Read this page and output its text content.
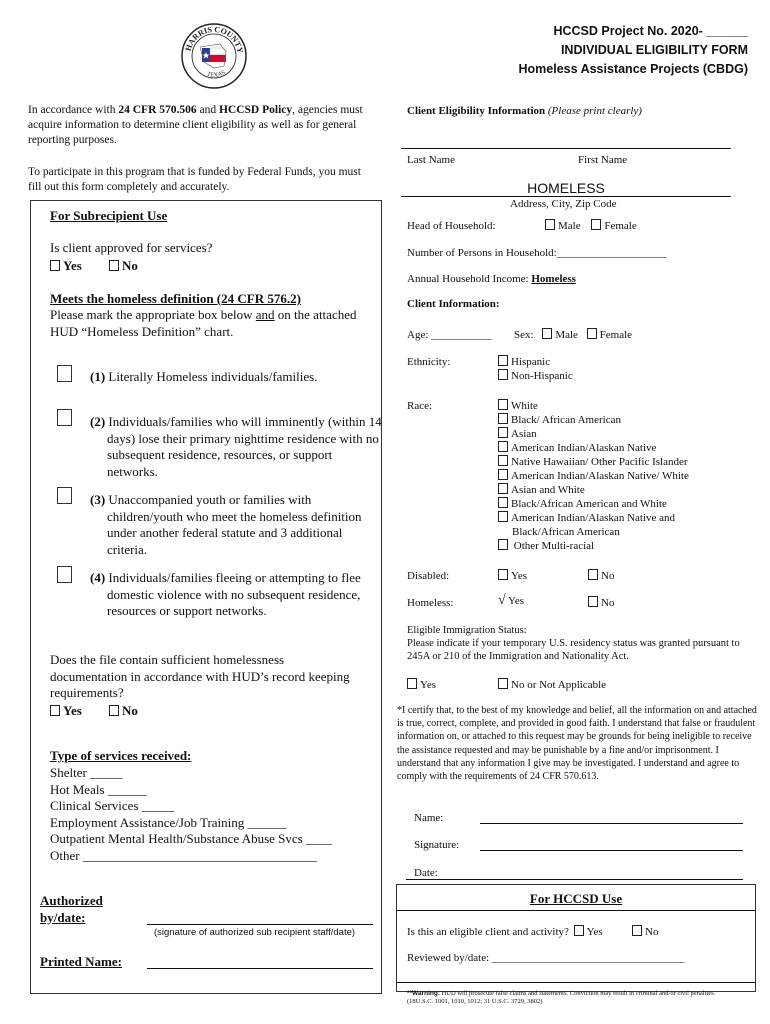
HCCSD Project No. 2020- ______
INDIVIDUAL ELIGIBILITY FORM
Homeless Assistance Projects (CBDG)
HARRIS COUNTY
TEXAS
In accordance with 24 CFR 570.506 and HCCSD Policy, agencies must acquire information to determine client eligibility as well as for general reporting purposes.
To participate in this program that is funded by Federal Funds, you must fill out this form completely and accurately.
For Subrecipient Use
Is client approved for services?
Yes	No
Meets the homeless definition (24 CFR 576.2)
Please mark the appropriate box below and on the attached HUD “Homeless Definition” chart.
(1) Literally Homeless individuals/families.
(2) Individuals/families who will imminently (within 14 days) lose their primary nighttime residence with no subsequent residence, resources, or support networks.
(3) Unaccompanied youth or families with children/youth who meet the homeless definition under another federal statute and 3 additional criteria.
(4) Individuals/families fleeing or attempting to flee domestic violence with no subsequent residence, resources or support networks.
Does the file contain sufficient homelessness documentation in accordance with HUD’s record keeping requirements?
Yes	No
Type of services received:
Shelter _____
Hot Meals ______
Clinical Services _____
Employment Assistance/Job Training ______
Outpatient Mental Health/Substance Abuse Svcs ____
Other ____________________________________
Authorized
by/date:
(signature of authorized sub recipient staff/date)
Printed Name:
Client Eligibility Information (Please print clearly)
Last Name	First Name
HOMELESS
Address, City, Zip Code
Head of Household:	Male Female
Number of Persons in Household:____________________
Annual Household Income: Homeless
Client Information:
Age: ___________ Sex: Male Female
Ethnicity:	Hispanic
Non-Hispanic
Race:	White
Black/ African American
Asian
American Indian/Alaskan Native
Native Hawaiian/ Other Pacific Islander
American Indian/Alaskan Native/ White
Asian and White
Black/African American and White
American Indian/Alaskan Native and
Black/African American
Other Multi-racial
Disabled:	Yes	No
Homeless:	√ Yes	No
Eligible Immigration Status:
Please indicate if your temporary U.S. residency status was granted pursuant to 245A or 210 of the Immigration and Nationality Act.
Yes	No or Not Applicable
*I certify that, to the best of my knowledge and belief, all the information on and attached is true, correct, complete, and provided in good faith. I understand that false or fraudulent information on, or attached to this request may be grounds for being ineligible to receive the assistance requested and may be punishable by a fine and/or imprisonment. I understand that any information I give may be investigated. I understand and agree to comply with the requirements of 24 CFR 570.613.
Name:
Signature:
Date:
For HCCSD Use
Is this an eligible client and activity? Yes	No
Reviewed by/date: ___________________________________
**Warning: HUD will prosecute false claims and statements. Conviction may result in criminal and/or civil penalties. (18U.S.C. 1001, 1010, 1012; 31 U.S.C. 3729, 3802)
